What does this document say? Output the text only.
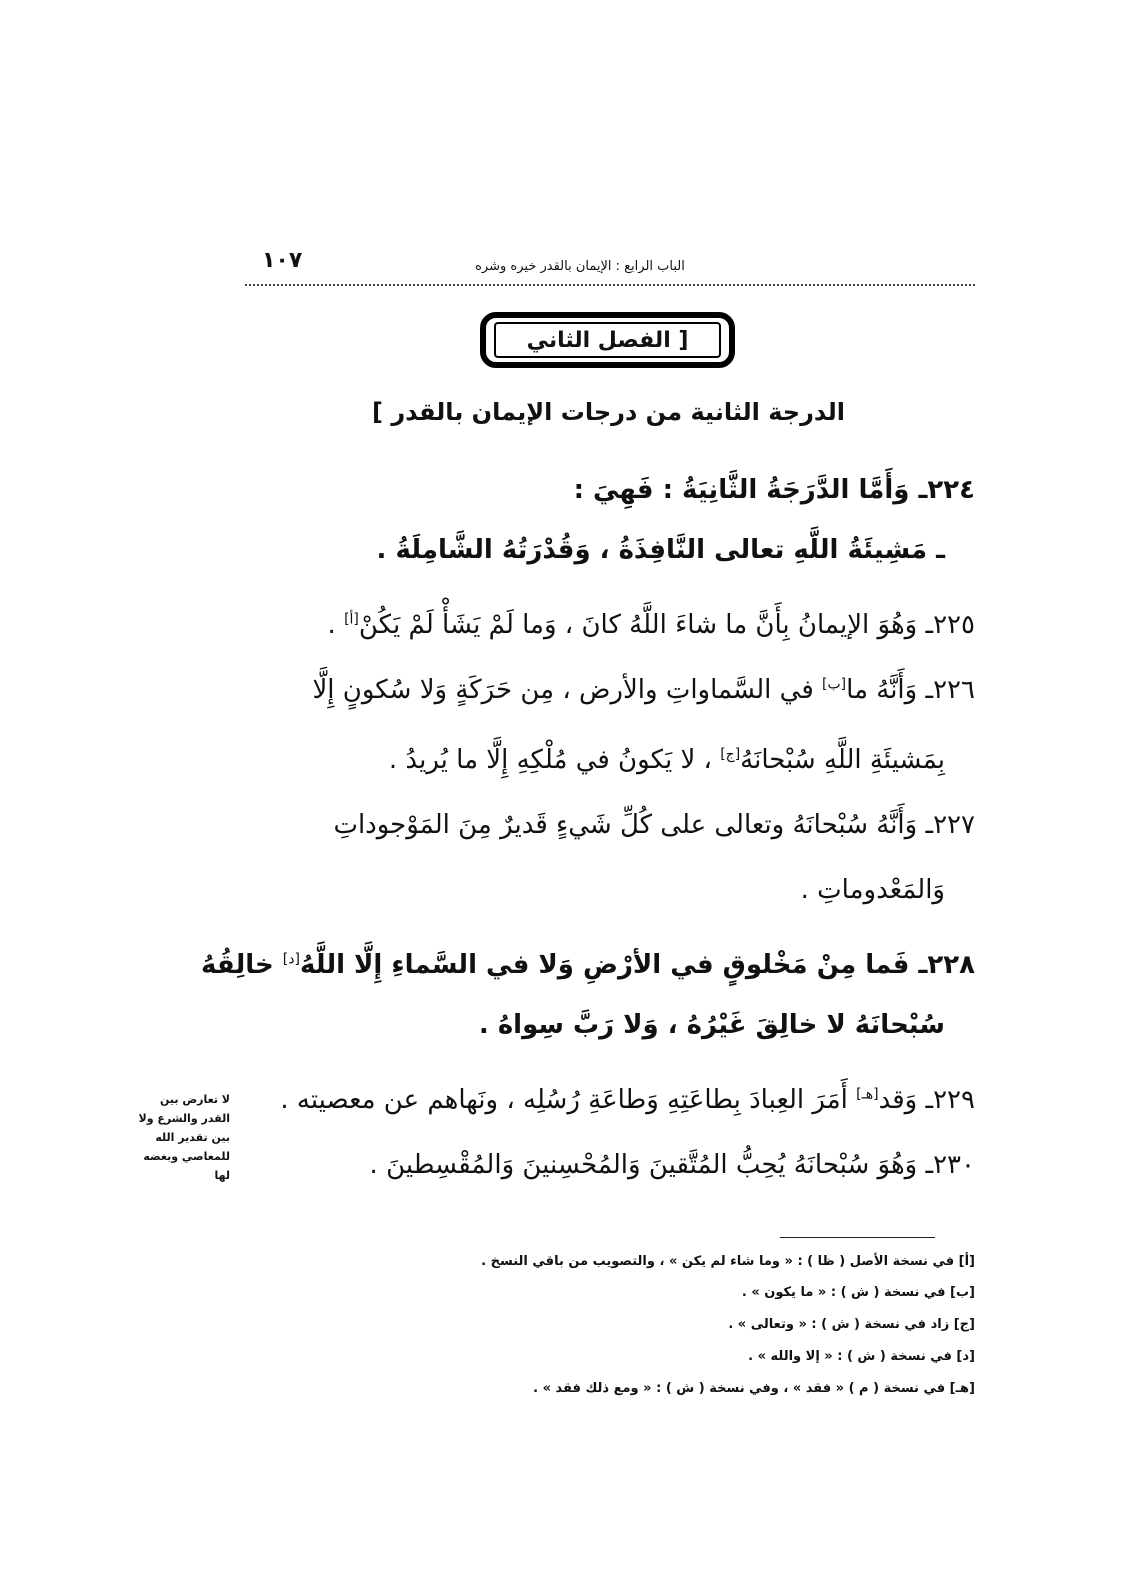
١٠٧	الباب الرابع : الإيمان بالقدر خيره وشره
[ الفصل الثاني
الدرجة الثانية من درجات الإيمان بالقدر ]
٢٢٤ـ وَأَمَّا الدَّرَجَةُ الثَّانِيَةُ : فَهِيَ :
ـ مَشِيئَةُ اللَّهِ تعالى النَّافِذَةُ ، وَقُدْرَتُهُ الشَّامِلَةُ .
٢٢٥ـ وَهُوَ الإيمانُ بِأَنَّ ما شاءَ اللَّهُ كانَ ، وَما لَمْ يَشَأْ لَمْ يَكُنْ[أ] .
٢٢٦ـ وَأَنَّهُ ما[ب] في السَّماواتِ والأرض ، مِن حَرَكَةٍ وَلا سُكونٍ إِلَّا
بِمَشيئَةِ اللَّهِ سُبْحانَهُ[ج] ، لا يَكونُ في مُلْكِهِ إِلَّا ما يُريدُ .
٢٢٧ـ وَأَنَّهُ سُبْحانَهُ وتعالى على كُلِّ شَيءٍ قَديرٌ مِنَ المَوْجوداتِ
وَالمَعْدوماتِ .
٢٢٨ـ فَما مِنْ مَخْلوقٍ في الأرْضِ وَلا في السَّماءِ إِلَّا اللَّهُ[د] خالِقُهُ
سُبْحانَهُ لا خالِقَ غَيْرُهُ ، وَلا رَبَّ سِواهُ .
٢٢٩ـ وَقد[هـ] أَمَرَ العِبادَ بِطاعَتِهِ وَطاعَةِ رُسُلِه ، ونَهاهم عن معصيته .
٢٣٠ـ وَهُوَ سُبْحانَهُ يُحِبُّ المُتَّقينَ وَالمُحْسِنينَ وَالمُقْسِطينَ .
لا تعارض بين
القدر والشرع ولا
بين تقدير الله
للمعاصي وبغضه
لها
[أ] في نسخة الأصل ( ظا ) : « وما شاء لم يكن » ، والتصويب من باقي النسخ .
[ب] في نسخة ( ش ) : « ما يكون » .
[ج] زاد في نسخة ( ش ) : « وتعالى » .
[د] في نسخة ( ش ) : « إلا والله » .
[هـ] في نسخة ( م ) « فقد » ، وفي نسخة ( ش ) : « ومع ذلك فقد » .
